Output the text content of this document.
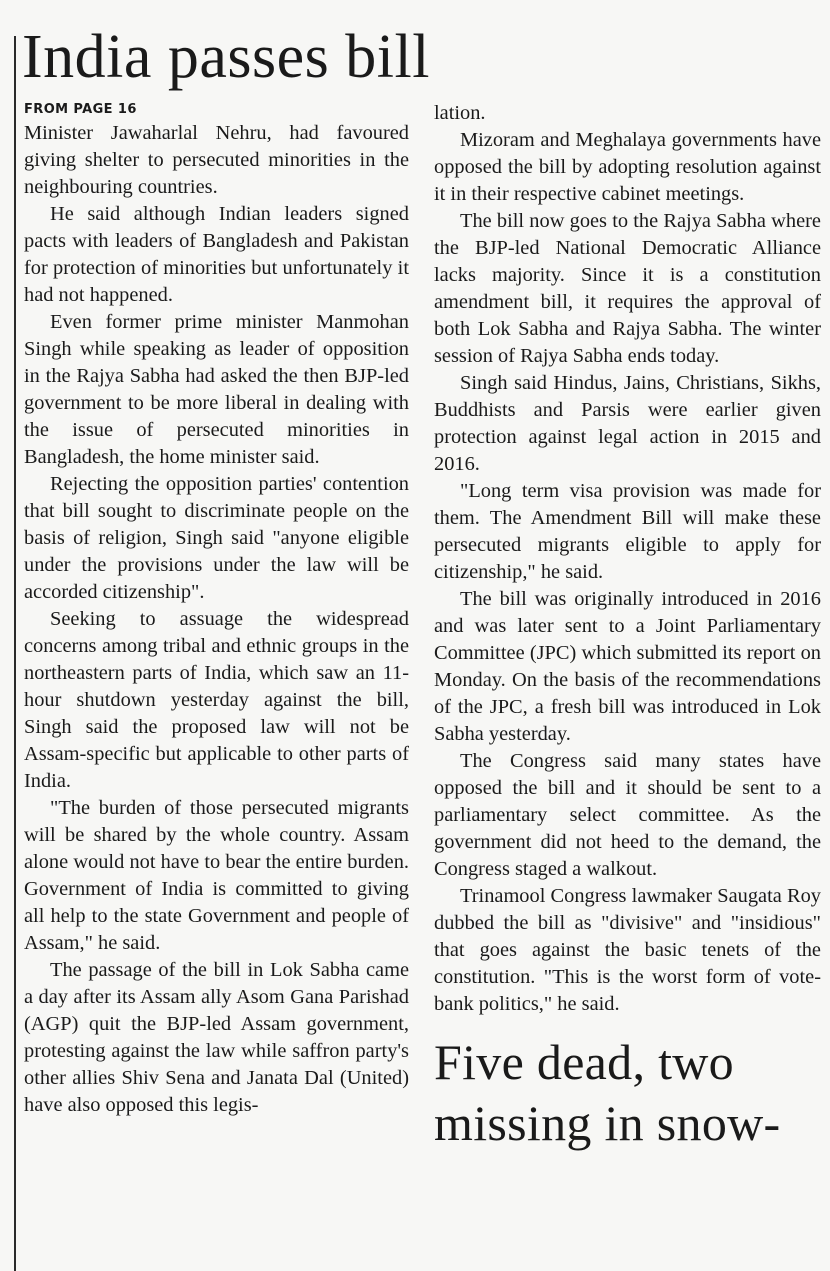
India passes bill
FROM PAGE 16

Minister Jawaharlal Nehru, had favoured giving shelter to persecuted minorities in the neighbouring countries.

He said although Indian leaders signed pacts with leaders of Bangladesh and Pakistan for protection of minorities but unfortunately it had not happened.

Even former prime minister Manmohan Singh while speaking as leader of opposition in the Rajya Sabha had asked the then BJP-led government to be more liberal in dealing with the issue of persecuted minorities in Bangladesh, the home minister said.

Rejecting the opposition parties' contention that bill sought to discriminate people on the basis of religion, Singh said "anyone eligible under the provisions under the law will be accorded citizenship".

Seeking to assuage the widespread concerns among tribal and ethnic groups in the northeastern parts of India, which saw an 11-hour shutdown yesterday against the bill, Singh said the proposed law will not be Assam-specific but applicable to other parts of India.

"The burden of those persecuted migrants will be shared by the whole country. Assam alone would not have to bear the entire burden. Government of India is committed to giving all help to the state Government and people of Assam," he said.

The passage of the bill in Lok Sabha came a day after its Assam ally Asom Gana Parishad (AGP) quit the BJP-led Assam government, protesting against the law while saffron party's other allies Shiv Sena and Janata Dal (United) have also opposed this legis-

lation.

Mizoram and Meghalaya governments have opposed the bill by adopting resolution against it in their respective cabinet meetings.

The bill now goes to the Rajya Sabha where the BJP-led National Democratic Alliance lacks majority. Since it is a constitution amendment bill, it requires the approval of both Lok Sabha and Rajya Sabha. The winter session of Rajya Sabha ends today.

Singh said Hindus, Jains, Christians, Sikhs, Buddhists and Parsis were earlier given protection against legal action in 2015 and 2016.

"Long term visa provision was made for them. The Amendment Bill will make these persecuted migrants eligible to apply for citizenship," he said.

The bill was originally introduced in 2016 and was later sent to a Joint Parliamentary Committee (JPC) which submitted its report on Monday. On the basis of the recommendations of the JPC, a fresh bill was introduced in Lok Sabha yesterday.

The Congress said many states have opposed the bill and it should be sent to a parliamentary select committee. As the government did not heed to the demand, the Congress staged a walkout.

Trinamool Congress lawmaker Saugata Roy dubbed the bill as "divisive" and "insidious" that goes against the basic tenets of the constitution. "This is the worst form of vote-bank politics," he said.

Five dead, two missing in snow-
